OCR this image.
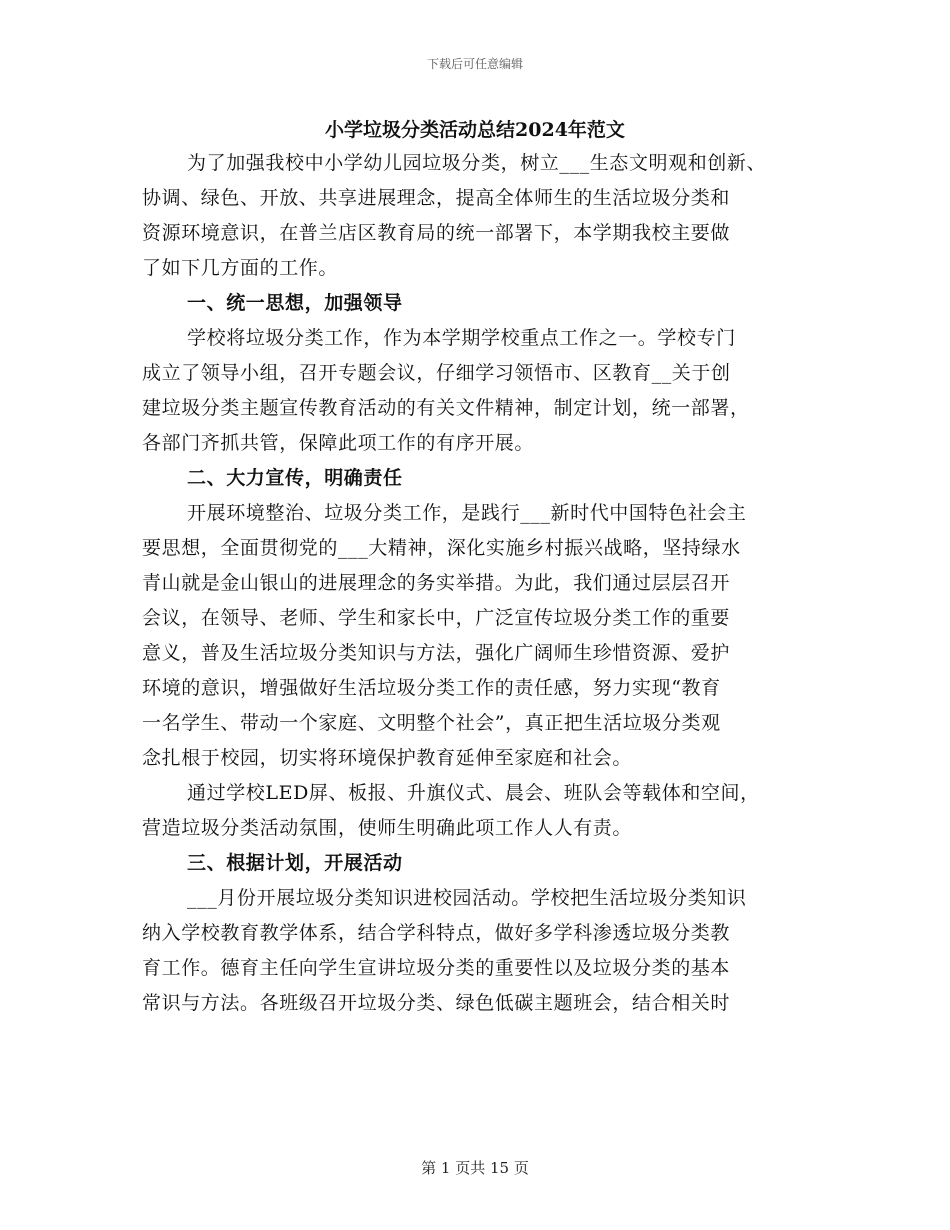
下载后可任意编辑
小学垃圾分类活动总结2024年范文
为了加强我校中小学幼儿园垃圾分类，树立___生态文明观和创新、
协调、绿色、开放、共享进展理念，提高全体师生的生活垃圾分类和
资源环境意识，在普兰店区教育局的统一部署下，本学期我校主要做
了如下几方面的工作。
一、统一思想，加强领导
学校将垃圾分类工作，作为本学期学校重点工作之一。学校专门
成立了领导小组，召开专题会议，仔细学习领悟市、区教育__关于创
建垃圾分类主题宣传教育活动的有关文件精神，制定计划，统一部署，
各部门齐抓共管，保障此项工作的有序开展。
二、大力宣传，明确责任
开展环境整治、垃圾分类工作，是践行___新时代中国特色社会主
要思想，全面贯彻党的___大精神，深化实施乡村振兴战略，坚持绿水
青山就是金山银山的进展理念的务实举措。为此，我们通过层层召开
会议，在领导、老师、学生和家长中，广泛宣传垃圾分类工作的重要
意义，普及生活垃圾分类知识与方法，强化广阔师生珍惜资源、爱护
环境的意识，增强做好生活垃圾分类工作的责任感，努力实现“教育
一名学生、带动一个家庭、文明整个社会”，真正把生活垃圾分类观
念扎根于校园，切实将环境保护教育延伸至家庭和社会。
通过学校LED屏、板报、升旗仪式、晨会、班队会等载体和空间，
营造垃圾分类活动氛围，使师生明确此项工作人人有责。
三、根据计划，开展活动
___月份开展垃圾分类知识进校园活动。学校把生活垃圾分类知识
纳入学校教育教学体系，结合学科特点，做好多学科渗透垃圾分类教
育工作。德育主任向学生宣讲垃圾分类的重要性以及垃圾分类的基本
常识与方法。各班级召开垃圾分类、绿色低碳主题班会，结合相关时
第 1 页共 15 页
